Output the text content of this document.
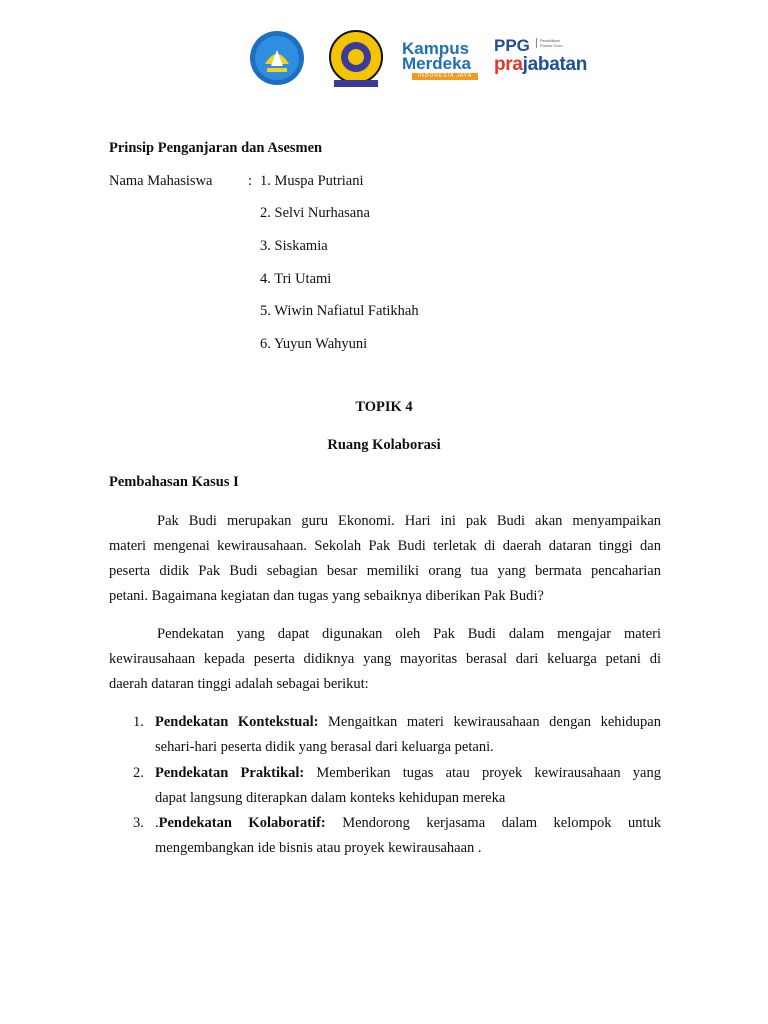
Kampus
Merdeka
INDONESIA JAYA
PPG	Pendidikan Profesi Guru
prajabatan
Prinsip Penganjaran dan Asesmen
Nama Mahasiswa : 1. Muspa Putriani
2. Selvi Nurhasana
3. Siskamia
4. Tri Utami
5. Wiwin Nafiatul Fatikhah
6. Yuyun Wahyuni
TOPIK 4
Ruang Kolaborasi
Pembahasan Kasus I
Pak Budi merupakan guru Ekonomi. Hari ini pak Budi akan menyampaikan
materi mengenai kewirausahaan. Sekolah Pak Budi terletak di daerah dataran tinggi dan
peserta didik Pak Budi sebagian besar memiliki orang tua yang bermata pencaharian
petani. Bagaimana kegiatan dan tugas yang sebaiknya diberikan Pak Budi?
Pendekatan yang dapat digunakan oleh Pak Budi dalam mengajar materi
kewirausahaan kepada peserta didiknya yang mayoritas berasal dari keluarga petani di
daerah dataran tinggi adalah sebagai berikut:
1. Pendekatan Kontekstual: Mengaitkan materi kewirausahaan dengan kehidupan
sehari-hari peserta didik yang berasal dari keluarga petani.
2. Pendekatan Praktikal: Memberikan tugas atau proyek kewirausahaan yang
dapat langsung diterapkan dalam konteks kehidupan mereka
3. .Pendekatan Kolaboratif: Mendorong kerjasama dalam kelompok untuk
mengembangkan ide bisnis atau proyek kewirausahaan .
